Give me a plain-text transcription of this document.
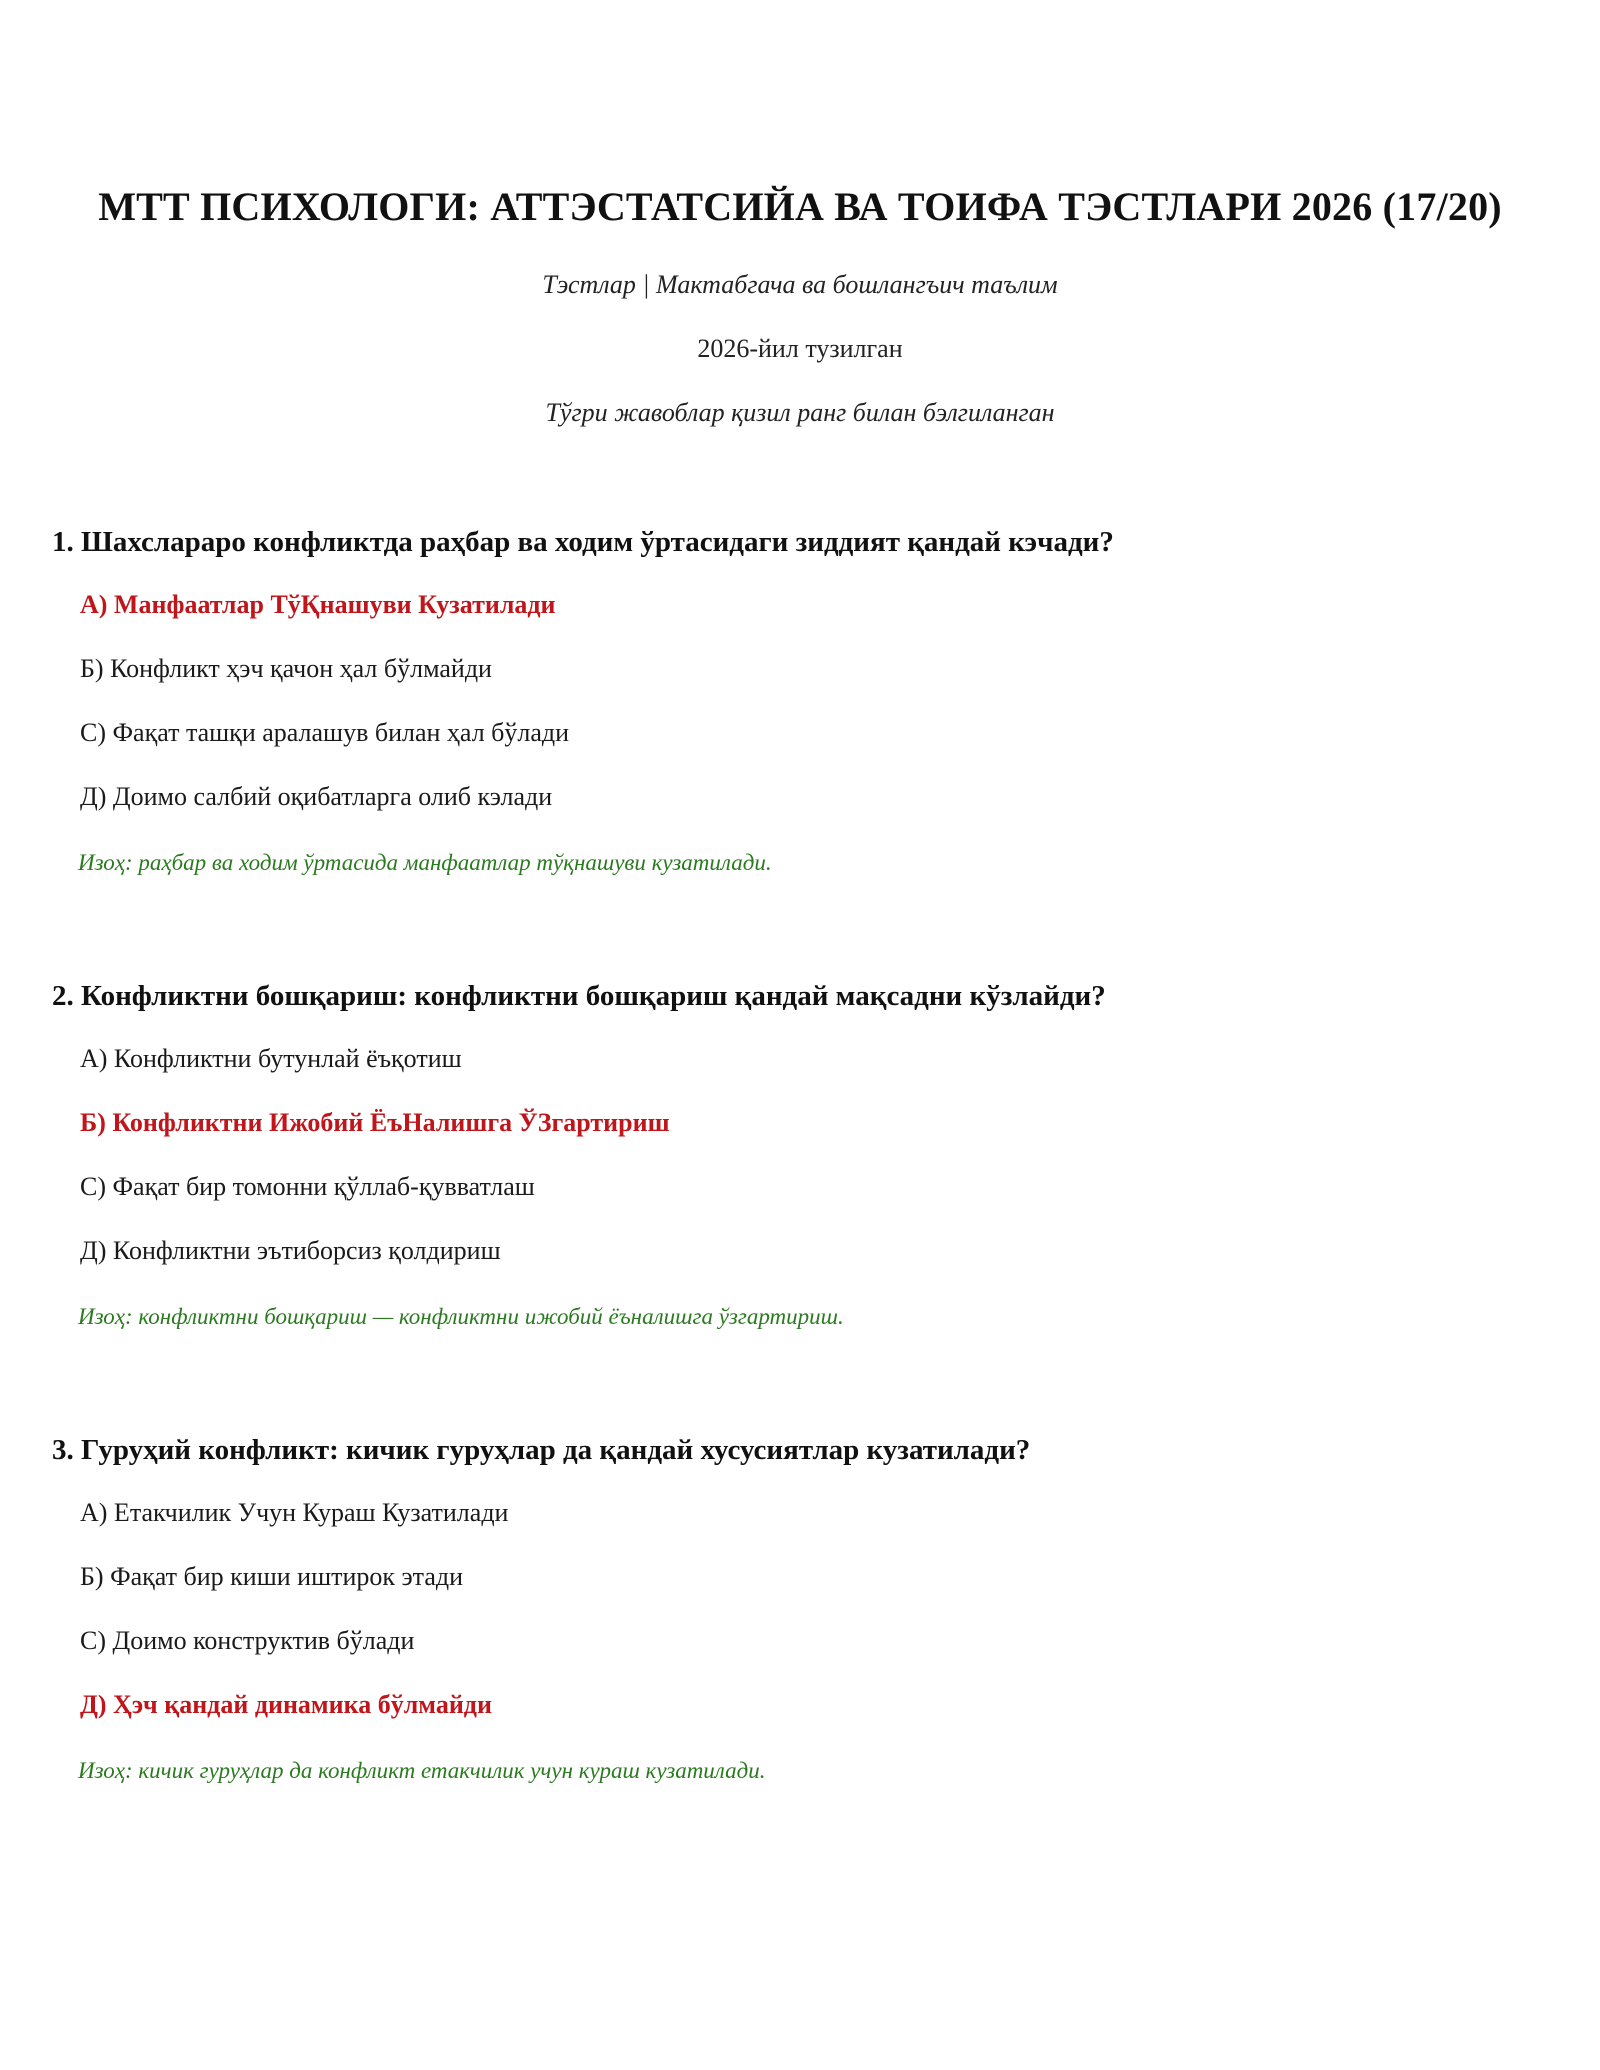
МТТ ПСИХОЛОГИ: АТТЭСТАТСИЙА ВА ТОИФА ТЭСТЛАРИ 2026 (17/20)
Тэстлар | Мактабгача ва бошлангъич таълим
2026-йил тузилган
Тўгри жавоблар қизил ранг билан бэлгиланган
1. Шахслараро конфликтда раҳбар ва ходим ўртасидаги зиддият қандай кэчади?
А) Манфаатлар ТўҚнашуви Кузатилади
Б) Конфликт ҳэч қачон ҳал бўлмайди
С) Фақат ташқи аралашув билан ҳал бўлади
Д) Доимо салбий оқибатларга олиб кэлади
Изоҳ: раҳбар ва ходим ўртасида манфаатлар тўқнашуви кузатилади.
2. Конфликтни бошқариш: конфликтни бошқариш қандай мақсадни кўзлайди?
А) Конфликтни бутунлай ёъқотиш
Б) Конфликтни Ижобий ЁъНалишга ЎЗгартириш
С) Фақат бир томонни қўллаб-қувватлаш
Д) Конфликтни эътиборсиз қолдириш
Изоҳ: конфликтни бошқариш — конфликтни ижобий ёъналишга ўзгартириш.
3. Гуруҳий конфликт: кичик гуруҳлар да қандай хусусиятлар кузатилади?
А) Етакчилик Учун Кураш Кузатилади
Б) Фақат бир киши иштирок этади
С) Доимо конструктив бўлади
Д) Ҳэч қандай динамика бўлмайди
Изоҳ: кичик гуруҳлар да конфликт етакчилик учун кураш кузатилади.
